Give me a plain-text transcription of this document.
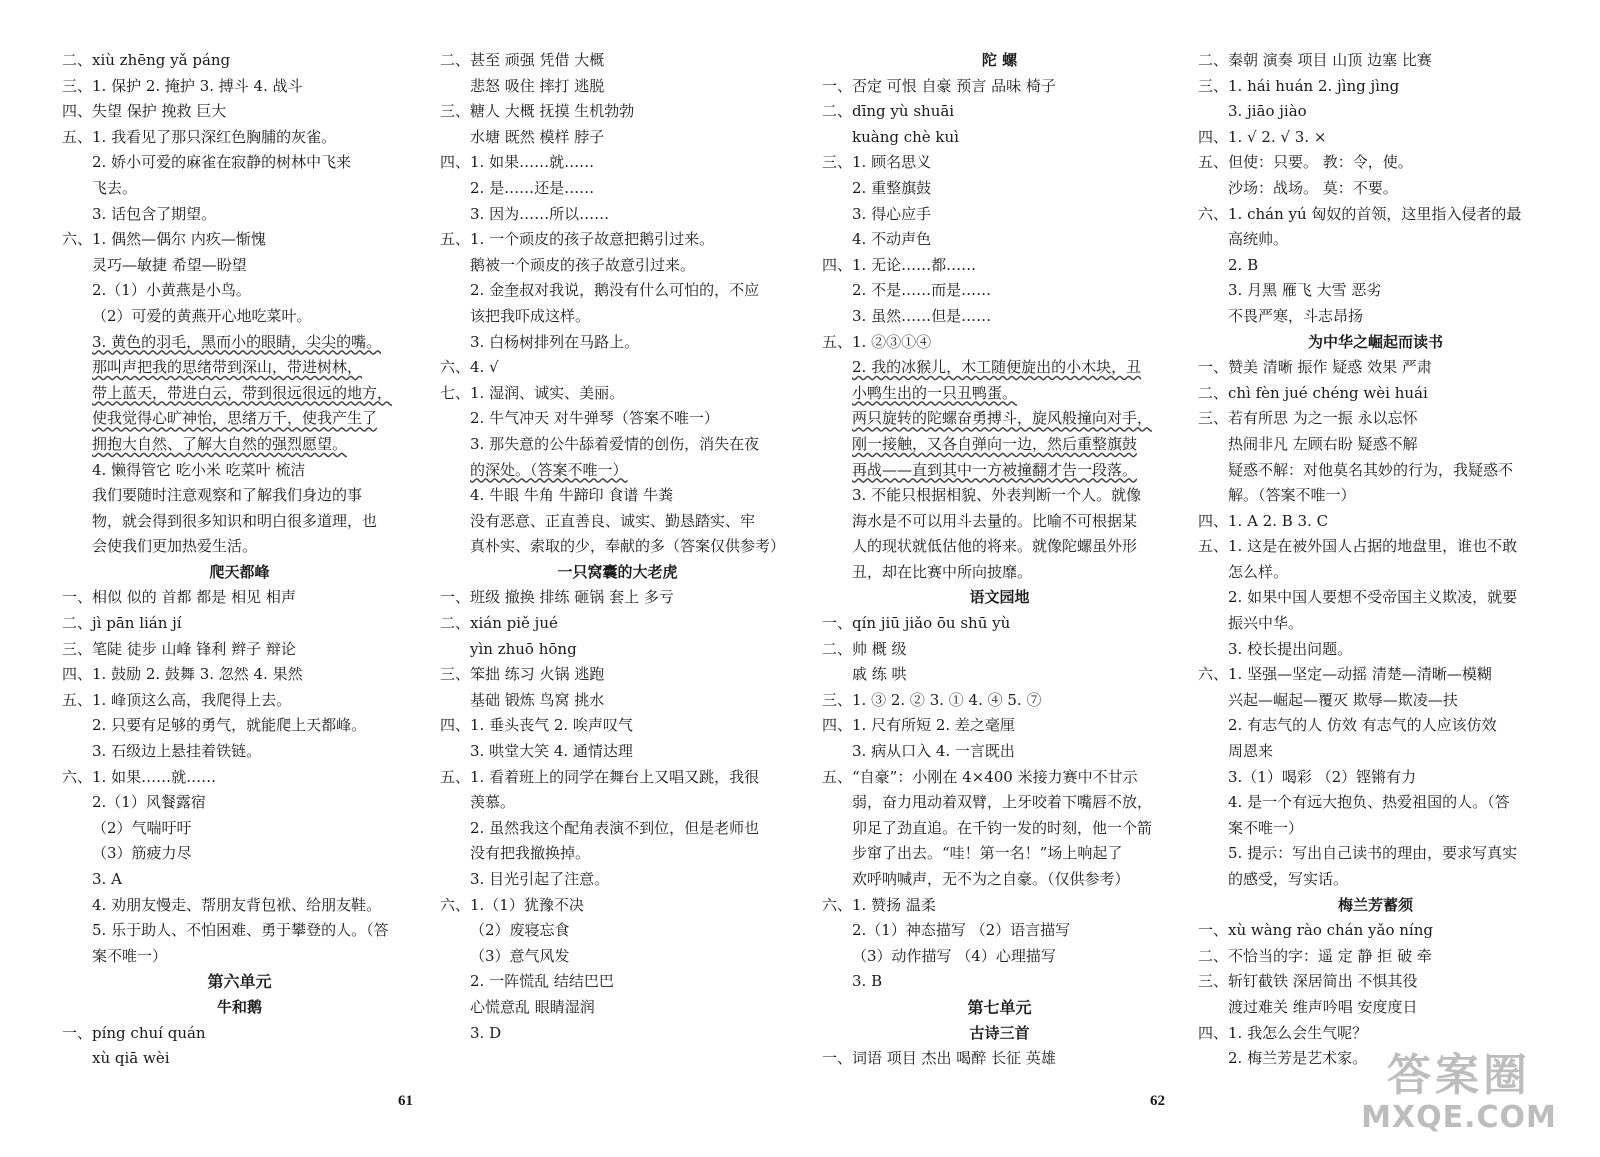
二、xiù zhēng yǎ páng
三、1. 保护 2. 掩护 3. 搏斗 4. 战斗
四、失望 保护 挽救 巨大
五、1. 我看见了那只深红色胸脯的灰雀。
2. 娇小可爱的麻雀在寂静的树林中飞来
飞去。
3. 话包含了期望。
六、1. 偶然—偶尔 内疚—惭愧
灵巧—敏捷 希望—盼望
2.（1）小黄燕是小鸟。
（2）可爱的黄燕开心地吃菜叶。
3. 黄色的羽毛，黑而小的眼睛，尖尖的嘴。
那叫声把我的思绪带到深山，带进树林，
带上蓝天，带进白云，带到很远很远的地方，
使我觉得心旷神怡，思绪万千，使我产生了
拥抱大自然、了解大自然的强烈愿望。
4. 懒得管它 吃小米 吃菜叶 梳洁
我们要随时注意观察和了解我们身边的事
物，就会得到很多知识和明白很多道理，也
会使我们更加热爱生活。
爬天都峰
一、相似 似的 首都 都是 相见 相声
二、jì pān lián jí
三、笔陡 徒步 山峰 锋利 辫子 辩论
四、1. 鼓励 2. 鼓舞 3. 忽然 4. 果然
五、1. 峰顶这么高，我爬得上去。
2. 只要有足够的勇气，就能爬上天都峰。
3. 石级边上悬挂着铁链。
六、1. 如果……就……
2.（1）风餐露宿
（2）气喘吁吁
（3）筋疲力尽
3. A
4. 劝朋友慢走、帮朋友背包袱、给朋友鞋。
5. 乐于助人、不怕困难、勇于攀登的人。（答
案不唯一）
第六单元
牛和鹅
一、píng chuí quán
xù qiā wèi
二、甚至 顽强 凭借 大概
悲怒 吸住 摔打 逃脱
三、糖人 大概 抚摸 生机勃勃
水塘 既然 模样 脖子
四、1. 如果……就……
2. 是……还是……
3. 因为……所以……
五、1. 一个顽皮的孩子故意把鹅引过来。
鹅被一个顽皮的孩子故意引过来。
2. 金奎叔对我说，鹅没有什么可怕的，不应
该把我吓成这样。
3. 白杨树排列在马路上。
六、4. √
七、1. 湿润、诚实、美丽。
2. 牛气冲天 对牛弹琴（答案不唯一）
3. 那失意的公牛舔着爱情的创伤，消失在夜
的深处。（答案不唯一）
4. 牛眼 牛角 牛蹄印 食谱 牛粪
没有恶意、正直善良、诚实、勤恳踏实、牢
真朴实、索取的少，奉献的多（答案仅供参考）
一只窝囊的大老虎
一、班级 撤换 排练 砸锅 套上 多亏
二、xián piě jué
yìn zhuō hōng
三、笨拙 练习 火锅 逃跑
基础 锻炼 鸟窝 挑水
四、1. 垂头丧气 2. 唉声叹气
3. 哄堂大笑 4. 通情达理
五、1. 看着班上的同学在舞台上又唱又跳，我很
羡慕。
2. 虽然我这个配角表演不到位，但是老师也
没有把我撤换掉。
3. 目光引起了注意。
六、1.（1）犹豫不决
（2）废寝忘食
（3）意气风发
2. 一阵慌乱 结结巴巴
心慌意乱 眼睛湿润
3. D
陀 螺
一、否定 可恨 自豪 预言 品味 椅子
二、dīng yù shuāi
kuàng chè kuì
三、1. 顾名思义
2. 重整旗鼓
3. 得心应手
4. 不动声色
四、1. 无论……都……
2. 不是……而是……
3. 虽然……但是……
五、1. ②③①④
2. 我的冰猴儿，木工随便旋出的小木块，丑
小鸭生出的一只丑鸭蛋。
两只旋转的陀螺奋勇搏斗，旋风般撞向对手，
刚一接触，又各自弹向一边，然后重整旗鼓
再战——直到其中一方被撞翻才告一段落。
3. 不能只根据相貌、外表判断一个人。就像
海水是不可以用斗去量的。比喻不可根据某
人的现状就低估他的将来。就像陀螺虽外形
丑，却在比赛中所向披靡。
语文园地
一、qín jiū jiǎo ōu shū yù
二、帅 概 级
戚 练 哄
三、1. ③ 2. ② 3. ① 4. ④ 5. ⑦
四、1. 尺有所短 2. 差之毫厘
3. 病从口入 4. 一言既出
五、“自豪”：小刚在 4×400 米接力赛中不甘示
弱，奋力甩动着双臂，上牙咬着下嘴唇不放，
卯足了劲直追。在千钧一发的时刻，他一个箭
步窜了出去。“哇！第一名！”场上响起了
欢呼呐喊声，无不为之自豪。（仅供参考）
六、1. 赞扬 温柔
2.（1）神态描写 （2）语言描写
（3）动作描写 （4）心理描写
3. B
第七单元
古诗三首
一、词语 项目 杰出 喝醉 长征 英雄
二、秦朝 演奏 项目 山顶 边塞 比赛
三、1. hái huán 2. jìng jìng
3. jiāo jiào
四、1. √ 2. √ 3. ×
五、但使：只要。 教：令，使。
沙场：战场。 莫：不要。
六、1. chán yú 匈奴的首领，这里指入侵者的最
高统帅。
2. B
3. 月黑 雁飞 大雪 恶劣
不畏严寒，斗志昂扬
为中华之崛起而读书
一、赞美 清晰 振作 疑惑 效果 严肃
二、chì fèn jué chéng wèi huái
三、若有所思 为之一振 永以忘怀
热闹非凡 左顾右盼 疑惑不解
疑惑不解：对他莫名其妙的行为，我疑惑不
解。（答案不唯一）
四、1. A 2. B 3. C
五、1. 这是在被外国人占据的地盘里，谁也不敢
怎么样。
2. 如果中国人要想不受帝国主义欺凌，就要
振兴中华。
3. 校长提出问题。
六、1. 坚强—坚定—动摇 清楚—清晰—模糊
兴起—崛起—覆灭 欺辱—欺凌—扶
2. 有志气的人 仿效 有志气的人应该仿效
周恩来
3.（1）喝彩 （2）铿锵有力
4. 是一个有远大抱负、热爱祖国的人。（答
案不唯一）
5. 提示：写出自己读书的理由，要求写真实
的感受，写实话。
梅兰芳蓄须
一、xù wàng rào chán yǎo níng
二、不恰当的字：遥 定 静 拒 破 牵
三、斩钉截铁 深居简出 不惧其役
渡过难关 维声吟唱 安度度日
四、1. 我怎么会生气呢？
2. 梅兰芳是艺术家。
61	62	答案圈
MXQE.COM
